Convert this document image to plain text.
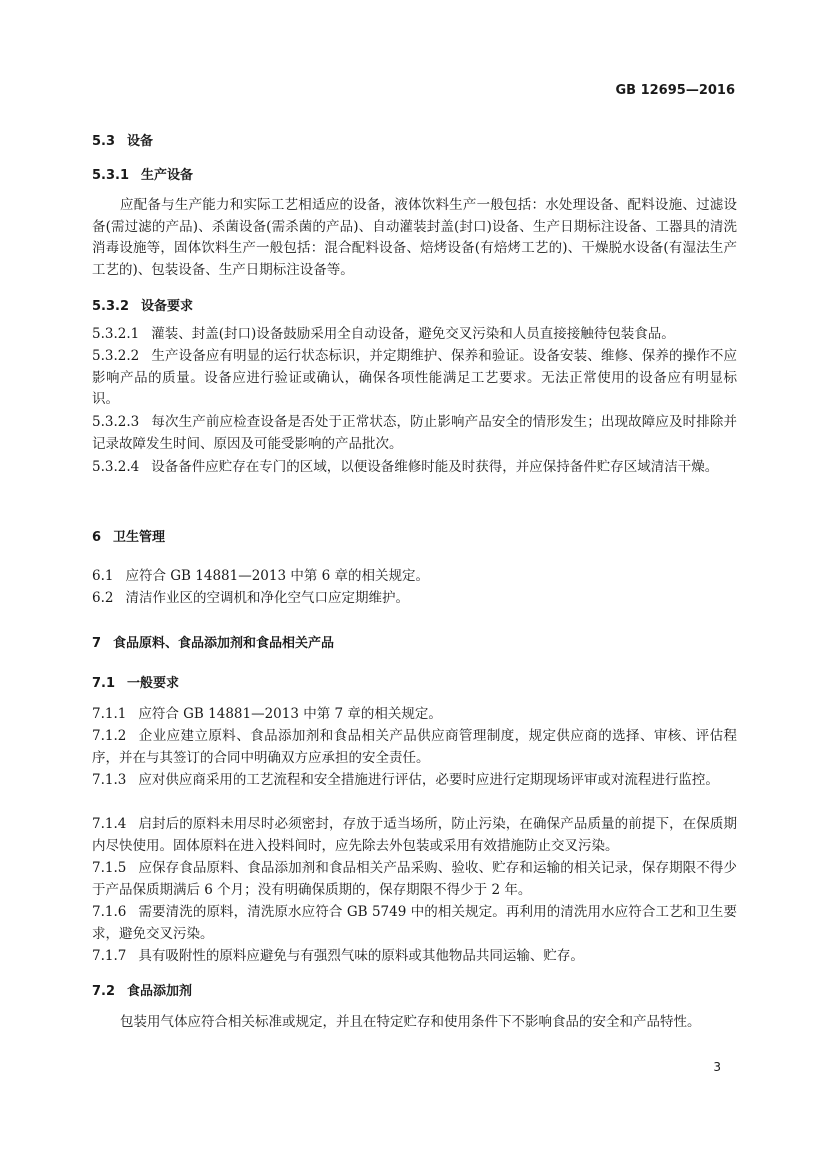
GB 12695—2016
5.3 设备
5.3.1 生产设备
应配备与生产能力和实际工艺相适应的设备，液体饮料生产一般包括：水处理设备、配料设施、过滤设备(需过滤的产品)、杀菌设备(需杀菌的产品)、自动灌装封盖(封口)设备、生产日期标注设备、工器具的清洗消毒设施等，固体饮料生产一般包括：混合配料设备、焙烤设备(有焙烤工艺的)、干燥脱水设备(有湿法生产工艺的)、包装设备、生产日期标注设备等。
5.3.2 设备要求
5.3.2.1 灌装、封盖(封口)设备鼓励采用全自动设备，避免交叉污染和人员直接接触待包装食品。
5.3.2.2 生产设备应有明显的运行状态标识，并定期维护、保养和验证。设备安装、维修、保养的操作不应影响产品的质量。设备应进行验证或确认，确保各项性能满足工艺要求。无法正常使用的设备应有明显标识。
5.3.2.3 每次生产前应检查设备是否处于正常状态，防止影响产品安全的情形发生；出现故障应及时排除并记录故障发生时间、原因及可能受影响的产品批次。
5.3.2.4 设备备件应贮存在专门的区域，以便设备维修时能及时获得，并应保持备件贮存区域清洁干燥。
6 卫生管理
6.1 应符合 GB 14881—2013 中第 6 章的相关规定。
6.2 清洁作业区的空调机和净化空气口应定期维护。
7 食品原料、食品添加剂和食品相关产品
7.1 一般要求
7.1.1 应符合 GB 14881—2013 中第 7 章的相关规定。
7.1.2 企业应建立原料、食品添加剂和食品相关产品供应商管理制度，规定供应商的选择、审核、评估程序，并在与其签订的合同中明确双方应承担的安全责任。
7.1.3 应对供应商采用的工艺流程和安全措施进行评估，必要时应进行定期现场评审或对流程进行监控。
7.1.4 启封后的原料未用尽时必须密封，存放于适当场所，防止污染，在确保产品质量的前提下，在保质期内尽快使用。固体原料在进入投料间时，应先除去外包装或采用有效措施防止交叉污染。
7.1.5 应保存食品原料、食品添加剂和食品相关产品采购、验收、贮存和运输的相关记录，保存期限不得少于产品保质期满后 6 个月；没有明确保质期的，保存期限不得少于 2 年。
7.1.6 需要清洗的原料，清洗原水应符合 GB 5749 中的相关规定。再利用的清洗用水应符合工艺和卫生要求，避免交叉污染。
7.1.7 具有吸附性的原料应避免与有强烈气味的原料或其他物品共同运输、贮存。
7.2 食品添加剂
包装用气体应符合相关标准或规定，并且在特定贮存和使用条件下不影响食品的安全和产品特性。
3
